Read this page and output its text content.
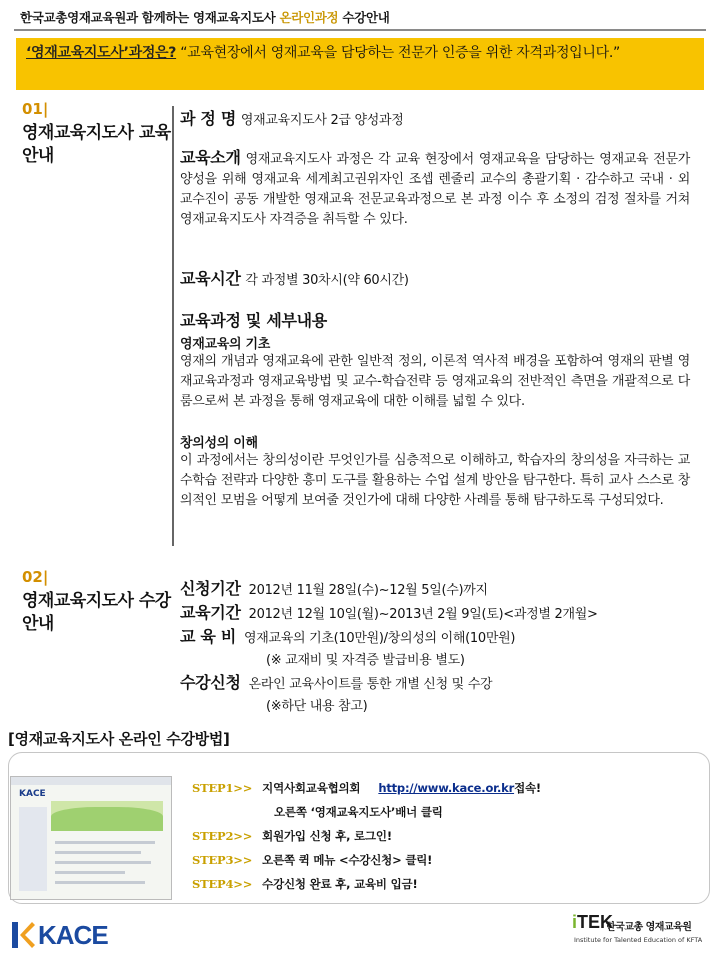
한국교총영재교육원과 함께하는 영재교육지도사 온라인과정 수강안내
‘영재교육지도사’과정은? “교육현장에서 영재교육을 담당하는 전문가 인증을 위한 자격과정입니다.”
01|
영재교육지도사 교육안내
과 정 명 영재교육지도사 2급 양성과정
교육소개 영재교육지도사 과정은 각 교육 현장에서 영재교육을 담당하는 영재교육 전문가 양성을 위해 영재교육 세계최고권위자인 조셉 렌줄리 교수의 총괄기획 · 감수하고 국내 · 외 교수진이 공동 개발한 영재교육 전문교육과정으로 본 과정 이수 후 소정의 검정 절차를 거쳐 영재교육지도사 자격증을 취득할 수 있다.
교육시간 각 과정별 30차시(약 60시간)
교육과정 및 세부내용
영재교육의 기초
영재의 개념과 영재교육에 관한 일반적 정의, 이론적 역사적 배경을 포함하여 영재의 판별 영재교육과정과 영재교육방법 및 교수-학습전략 등 영재교육의 전반적인 측면을 개괄적으로 다룸으로써 본 과정을 통해 영재교육에 대한 이해를 넓힐 수 있다.
창의성의 이해
이 과정에서는 창의성이란 무엇인가를 심층적으로 이해하고, 학습자의 창의성을 자극하는 교수학습 전략과 다양한 흥미 도구를 활용하는 수업 설계 방안을 탐구한다. 특히 교사 스스로 창의적인 모범을 어떻게 보여줄 것인가에 대해 다양한 사례를 통해 탐구하도록 구성되었다.
02|
영재교육지도사 수강안내
신청기간 2012년 11월 28일(수)~12월 5일(수)까지
교육기간 2012년 12월 10일(월)~2013년 2월 9일(토)<과정별 2개월>
교 육 비 영재교육의 기초(10만원)/창의성의 이해(10만원)
(※ 교재비 및 자격증 발급비용 별도)
수강신청 온라인 교육사이트를 통한 개별 신청 및 수강
(※하단 내용 참고)
[영재교육지도사 온라인 수강방법]
KACE	STEP1>> 지역사회교육협의회 http://www.kace.or.kr접속!
오른쪽 ‘영재교육지도사’배너 클릭
STEP2>> 회원가입 신청 후, 로그인!
STEP3>> 오른쪽 퀵 메뉴 <수강신청> 클릭!
STEP4>> 수강신청 완료 후, 교육비 입금!
KACE	iTEK
한국교총 영재교육원
Institute for Talented Education of KFTA
